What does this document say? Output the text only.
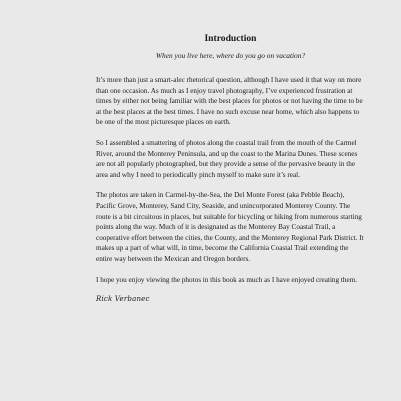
Introduction
When you live here, where do you go on vacation?

It’s more than just a smart-alec rhetorical question, although I have used it that way on more than one occasion. As much as I enjoy travel photography, I’ve experienced frustration at times by either not being familiar with the best places for photos or not having the time to be at the best places at the best times. I have no such excuse near home, which also happens to be one of the most picturesque places on earth.

So I assembled a smattering of photos along the coastal trail from the mouth of the Carmel River, around the Monterey Peninsula, and up the coast to the Marina Dunes. These scenes are not all popularly photographed, but they provide a sense of the pervasive beauty in the area and why I need to periodically pinch myself to make sure it’s real.

The photos are taken in Carmel-by-the-Sea, the Del Monte Forest (aka Pebble Beach), Pacific Grove, Monterey, Sand City, Seaside, and unincorporated Monterey County. The route is a bit circuitous in places, but suitable for bicycling or hiking from numerous starting points along the way. Much of it is designated as the Monterey Bay Coastal Trail, a cooperative effort between the cities, the County, and the Monterey Regional Park District. It makes up a part of what will, in time, become the California Coastal Trail extending the entire way between the Mexican and Oregon borders.

I hope you enjoy viewing the photos in this book as much as I have enjoyed creating them.

Rick Verbanec
